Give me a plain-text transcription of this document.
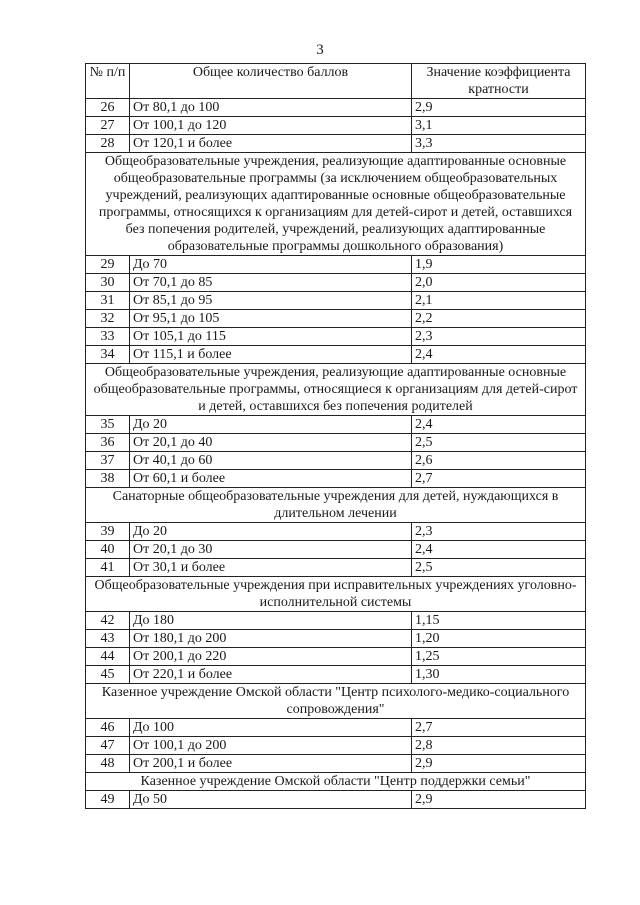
3
№ п/п	Общее количество баллов	Значение коэффициента кратности
26	От 80,1 до 100	2,9
27	От 100,1 до 120	3,1
28	От 120,1 и более	3,3
Общеобразовательные учреждения, реализующие адаптированные основные общеобразовательные программы (за исключением общеобразовательных учреждений, реализующих адаптированные основные общеобразовательные программы, относящихся к организациям для детей-сирот и детей, оставшихся без попечения родителей, учреждений, реализующих адаптированные образовательные программы дошкольного образования)		
29	До 70	1,9
30	От 70,1 до 85	2,0
31	От 85,1 до 95	2,1
32	От 95,1 до 105	2,2
33	От 105,1 до 115	2,3
34	От 115,1 и более	2,4
Общеобразовательные учреждения, реализующие адаптированные основные общеобразовательные программы, относящиеся к организациям для детей-сирот и детей, оставшихся без попечения родителей		
35	До 20	2,4
36	От 20,1 до 40	2,5
37	От 40,1 до 60	2,6
38	От 60,1 и более	2,7
Санаторные общеобразовательные учреждения для детей, нуждающихся в длительном лечении		
39	До 20	2,3
40	От 20,1 до 30	2,4
41	От 30,1 и более	2,5
Общеобразовательные учреждения при исправительных учреждениях уголовно-исполнительной системы		
42	До 180	1,15
43	От 180,1 до 200	1,20
44	От 200,1 до 220	1,25
45	От 220,1 и более	1,30
Казенное учреждение Омской области "Центр психолого-медико-социального сопровождения"		
46	До 100	2,7
47	От 100,1 до 200	2,8
48	От 200,1 и более	2,9
Казенное учреждение Омской области "Центр поддержки семьи"		
49	До 50	2,9
